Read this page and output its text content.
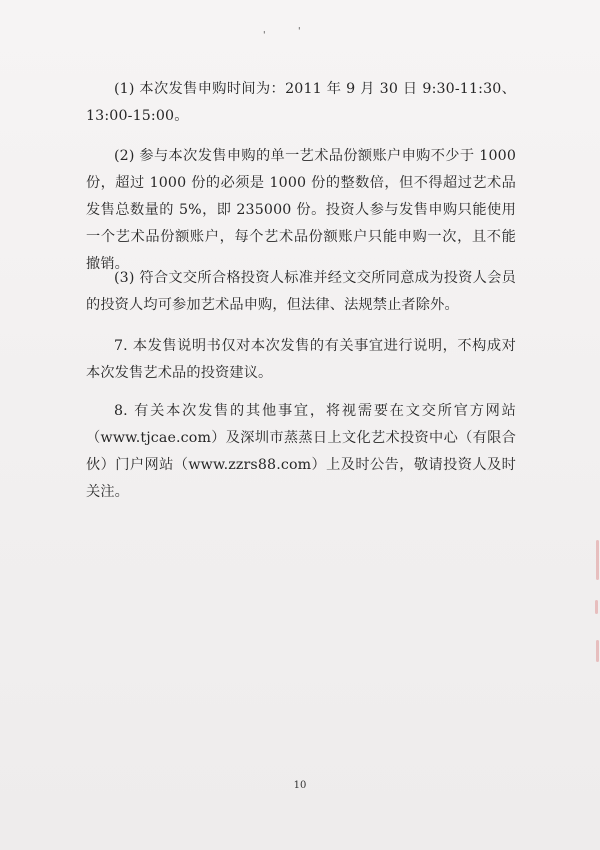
'	'

(1) 本次发售申购时间为：2011 年 9 月 30 日 9:30-11:30、13:00-15:00。

(2) 参与本次发售申购的单一艺术品份额账户申购不少于 1000 份，超过 1000 份的必须是 1000 份的整数倍，但不得超过艺术品发售总数量的 5%，即 235000 份。投资人参与发售申购只能使用一个艺术品份额账户，每个艺术品份额账户只能申购一次，且不能撤销。

(3) 符合文交所合格投资人标准并经文交所同意成为投资人会员的投资人均可参加艺术品申购，但法律、法规禁止者除外。

7. 本发售说明书仅对本次发售的有关事宜进行说明，不构成对本次发售艺术品的投资建议。

8. 有关本次发售的其他事宜，将视需要在文交所官方网站（www.tjcae.com）及深圳市蒸蒸日上文化艺术投资中心（有限合伙）门户网站（www.zzrs88.com）上及时公告，敬请投资人及时关注。

10
